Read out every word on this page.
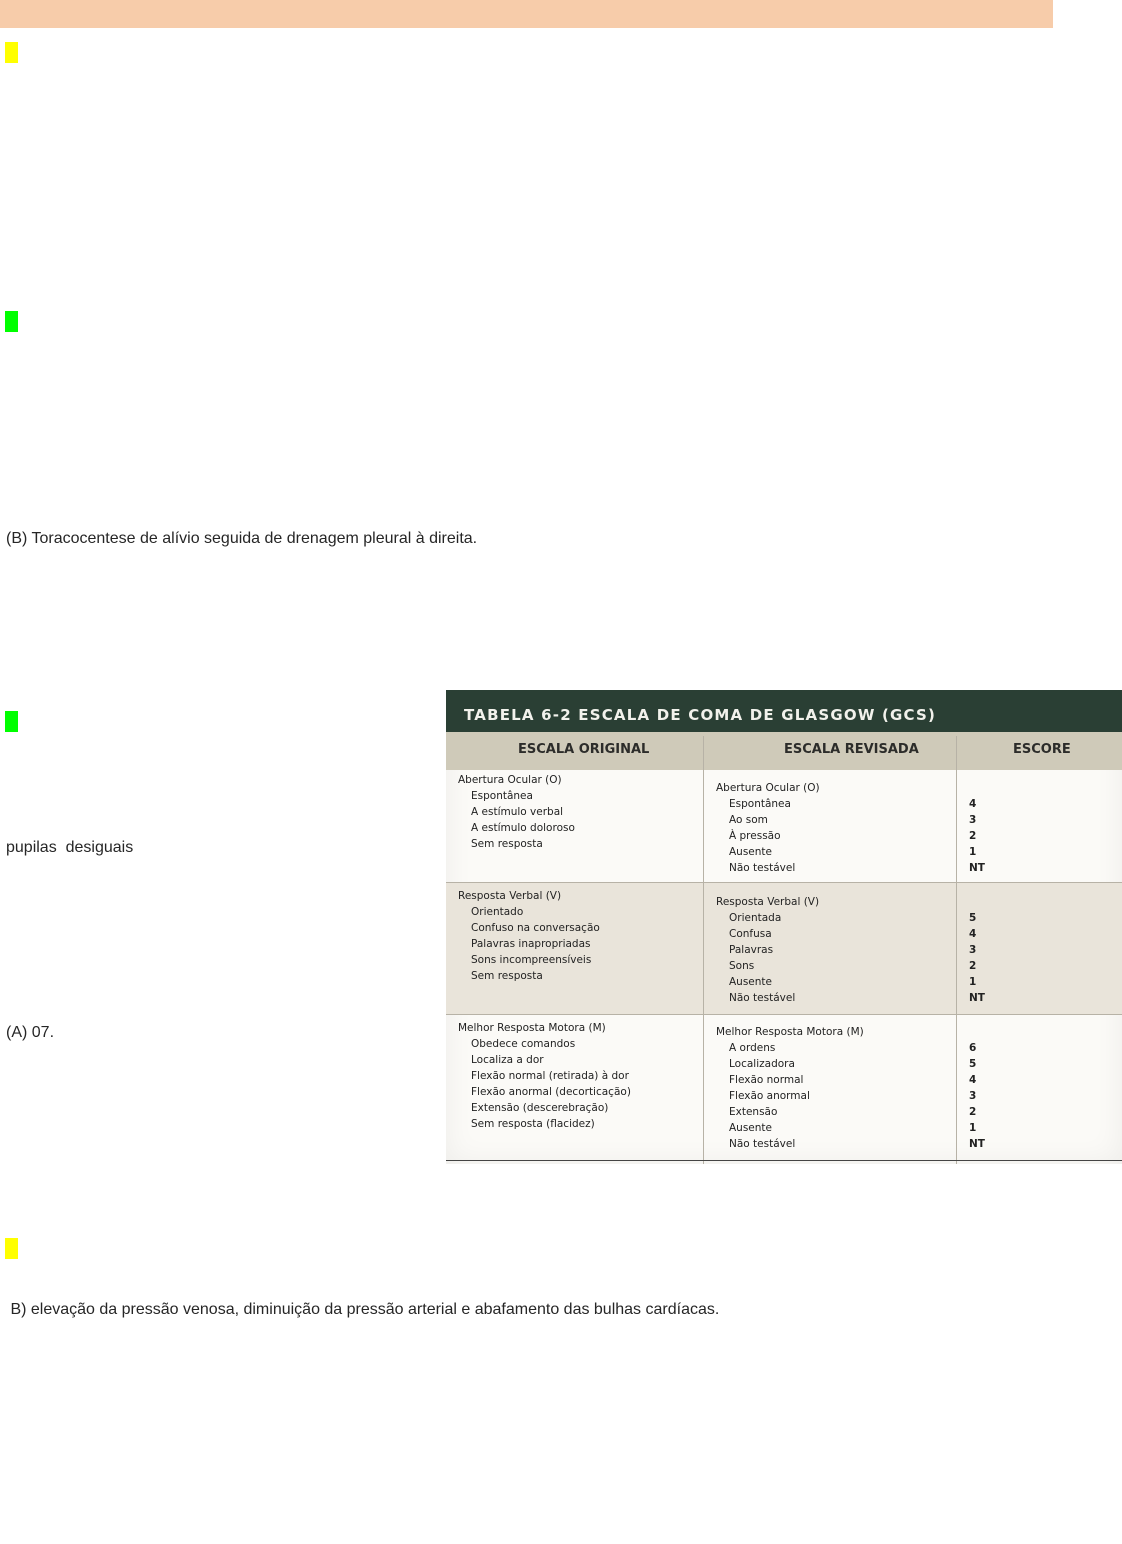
(B) Toracocentese de alívio seguida de drenagem pleural à direita.
pupilas  desiguais
(A) 07.
B) elevação da pressão venosa, diminuição da pressão arterial e abafamento das bulhas cardíacas.
TABELA 6-2 ESCALA DE COMA DE GLASGOW (GCS)
ESCALA ORIGINAL	ESCALA REVISADA	ESCORE
Abertura Ocular (O)
Espontânea
A estímulo verbal
A estímulo doloroso
Sem resposta
Abertura Ocular (O)
Espontânea
Ao som
À pressão
Ausente
Não testável
4
3
2
1
NT
Resposta Verbal (V)
Orientado
Confuso na conversação
Palavras inapropriadas
Sons incompreensíveis
Sem resposta
Resposta Verbal (V)
Orientada
Confusa
Palavras
Sons
Ausente
Não testável
5
4
3
2
1
NT
Melhor Resposta Motora (M)
Obedece comandos
Localiza a dor
Flexão normal (retirada) à dor
Flexão anormal (decorticação)
Extensão (descerebração)
Sem resposta (flacidez)
Melhor Resposta Motora (M)
A ordens
Localizadora
Flexão normal
Flexão anormal
Extensão
Ausente
Não testável
6
5
4
3
2
1
NT
